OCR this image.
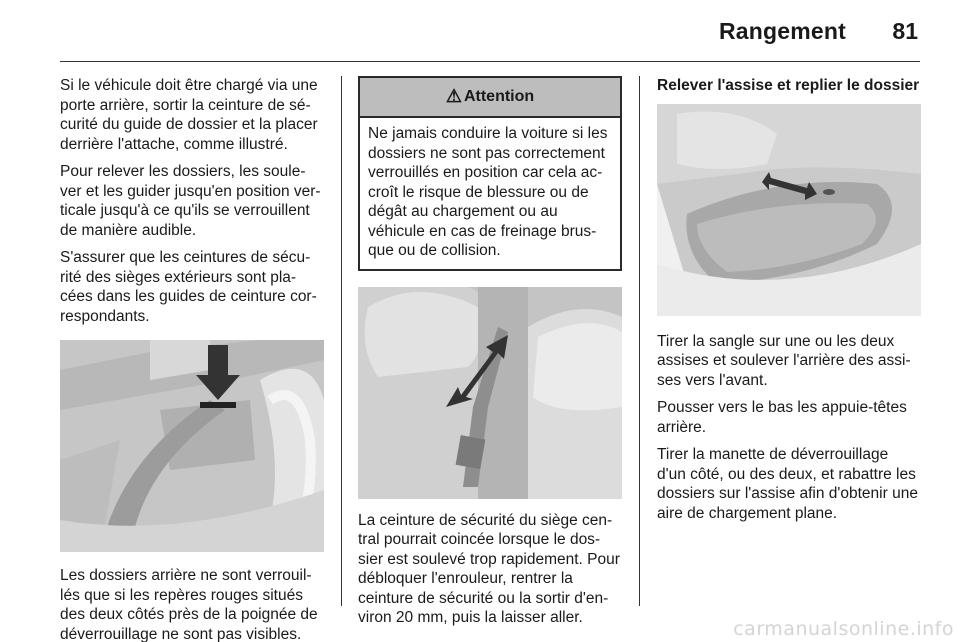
Rangement 81

Si le véhicule doit être chargé via une porte arrière, sortir la ceinture de sé-curité du guide de dossier et la placer derrière l'attache, comme illustré.

Pour relever les dossiers, les soule-ver et les guider jusqu'en position ver-ticale jusqu'à ce qu'ils se verrouillent de manière audible.

S'assurer que les ceintures de sécu-rité des sièges extérieurs sont pla-cées dans les guides de ceinture cor-respondants.

Les dossiers arrière ne sont verrouil-lés que si les repères rouges situés des deux côtés près de la poignée de déverrouillage ne sont pas visibles.

⚠ Attention
Ne jamais conduire la voiture si les dossiers ne sont pas correctement verrouillés en position car cela ac-croît le risque de blessure ou de dégât au chargement ou au véhicule en cas de freinage brus-que ou de collision.

La ceinture de sécurité du siège cen-tral pourrait coincée lorsque le dos-sier est soulevé trop rapidement. Pour débloquer l'enrouleur, rentrer la ceinture de sécurité ou la sortir d'en-viron 20 mm, puis la laisser aller.

Relever l'assise et replier le dossier

Tirer la sangle sur une ou les deux assises et soulever l'arrière des assi-ses vers l'avant.

Pousser vers le bas les appuie-têtes arrière.

Tirer la manette de déverrouillage d'un côté, ou des deux, et rabattre les dossiers sur l'assise afin d'obtenir une aire de chargement plane.

carmanualsonline.info
